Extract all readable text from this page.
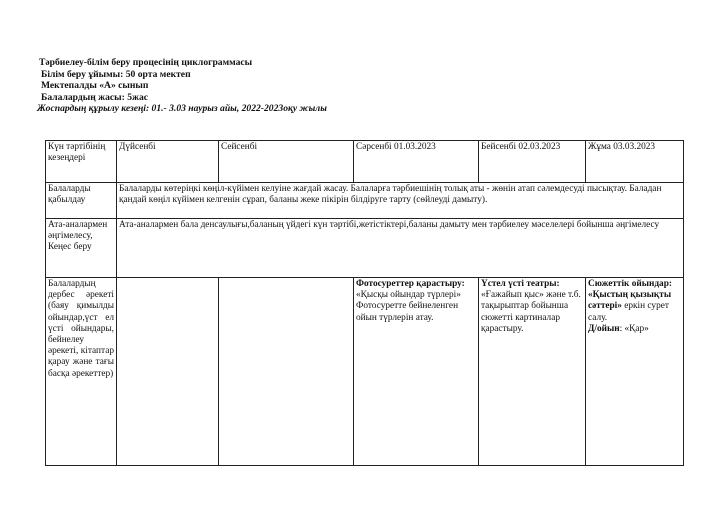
Тәрбиелеу-білім беру процесінің циклограммасы
Білім беру ұйымы: 50 орта мектеп
Мектепалды «А» сынып
Балалардың жасы: 5жас
Жоспардың құрылу кезеңі: 01.- 3.03 наурыз айы, 2022-2023оқу жылы
Күн тәртібінің кезеңдері	Дүйсенбі	Сейсенбі	Сәрсенбі 01.03.2023	Бейсенбі 02.03.2023	Жұма 03.03.2023
Балаларды қабылдау	Балаларды көтеріңкі көңіл-күйімен келуіне жағдай жасау. Балаларға тәрбиешінің толық аты - жөнін атап сәлемдесуді пысықтау. Баладан қандай көңіл күйімен келгенін сұрап, баланы жеке пікірін білдіруге тарту (сөйлеуді дамыту).				
Ата-аналармен әңгімелесу, Кеңес беру	Ата-аналармен бала денсаулығы,баланың үйдегі күн тәртібі,жетістіктері,баланы дамыту мен тәрбиелеу мәселелері бойынша әңгімелесу				
Балалардың дербес әрекеті (баяу қимылды ойындар,үст ел үсті ойындары, бейнелеу әрекеті, кітаптар қарау және тағы басқа әрекеттер)			Фотосуреттер қарастыру: «Қысқы ойындар түрлері» Фотосуретте бейнеленген ойын түрлерін атау.	Үстел үсті театры: «Ғажайып қыс» және т.б. тақырыптар бойынша сюжетті картиналар қарастыру.	Сюжеттік ойындар: «Қыстың қызықты сәттері» еркін сурет салу.
Д/ойын: «Қар»
